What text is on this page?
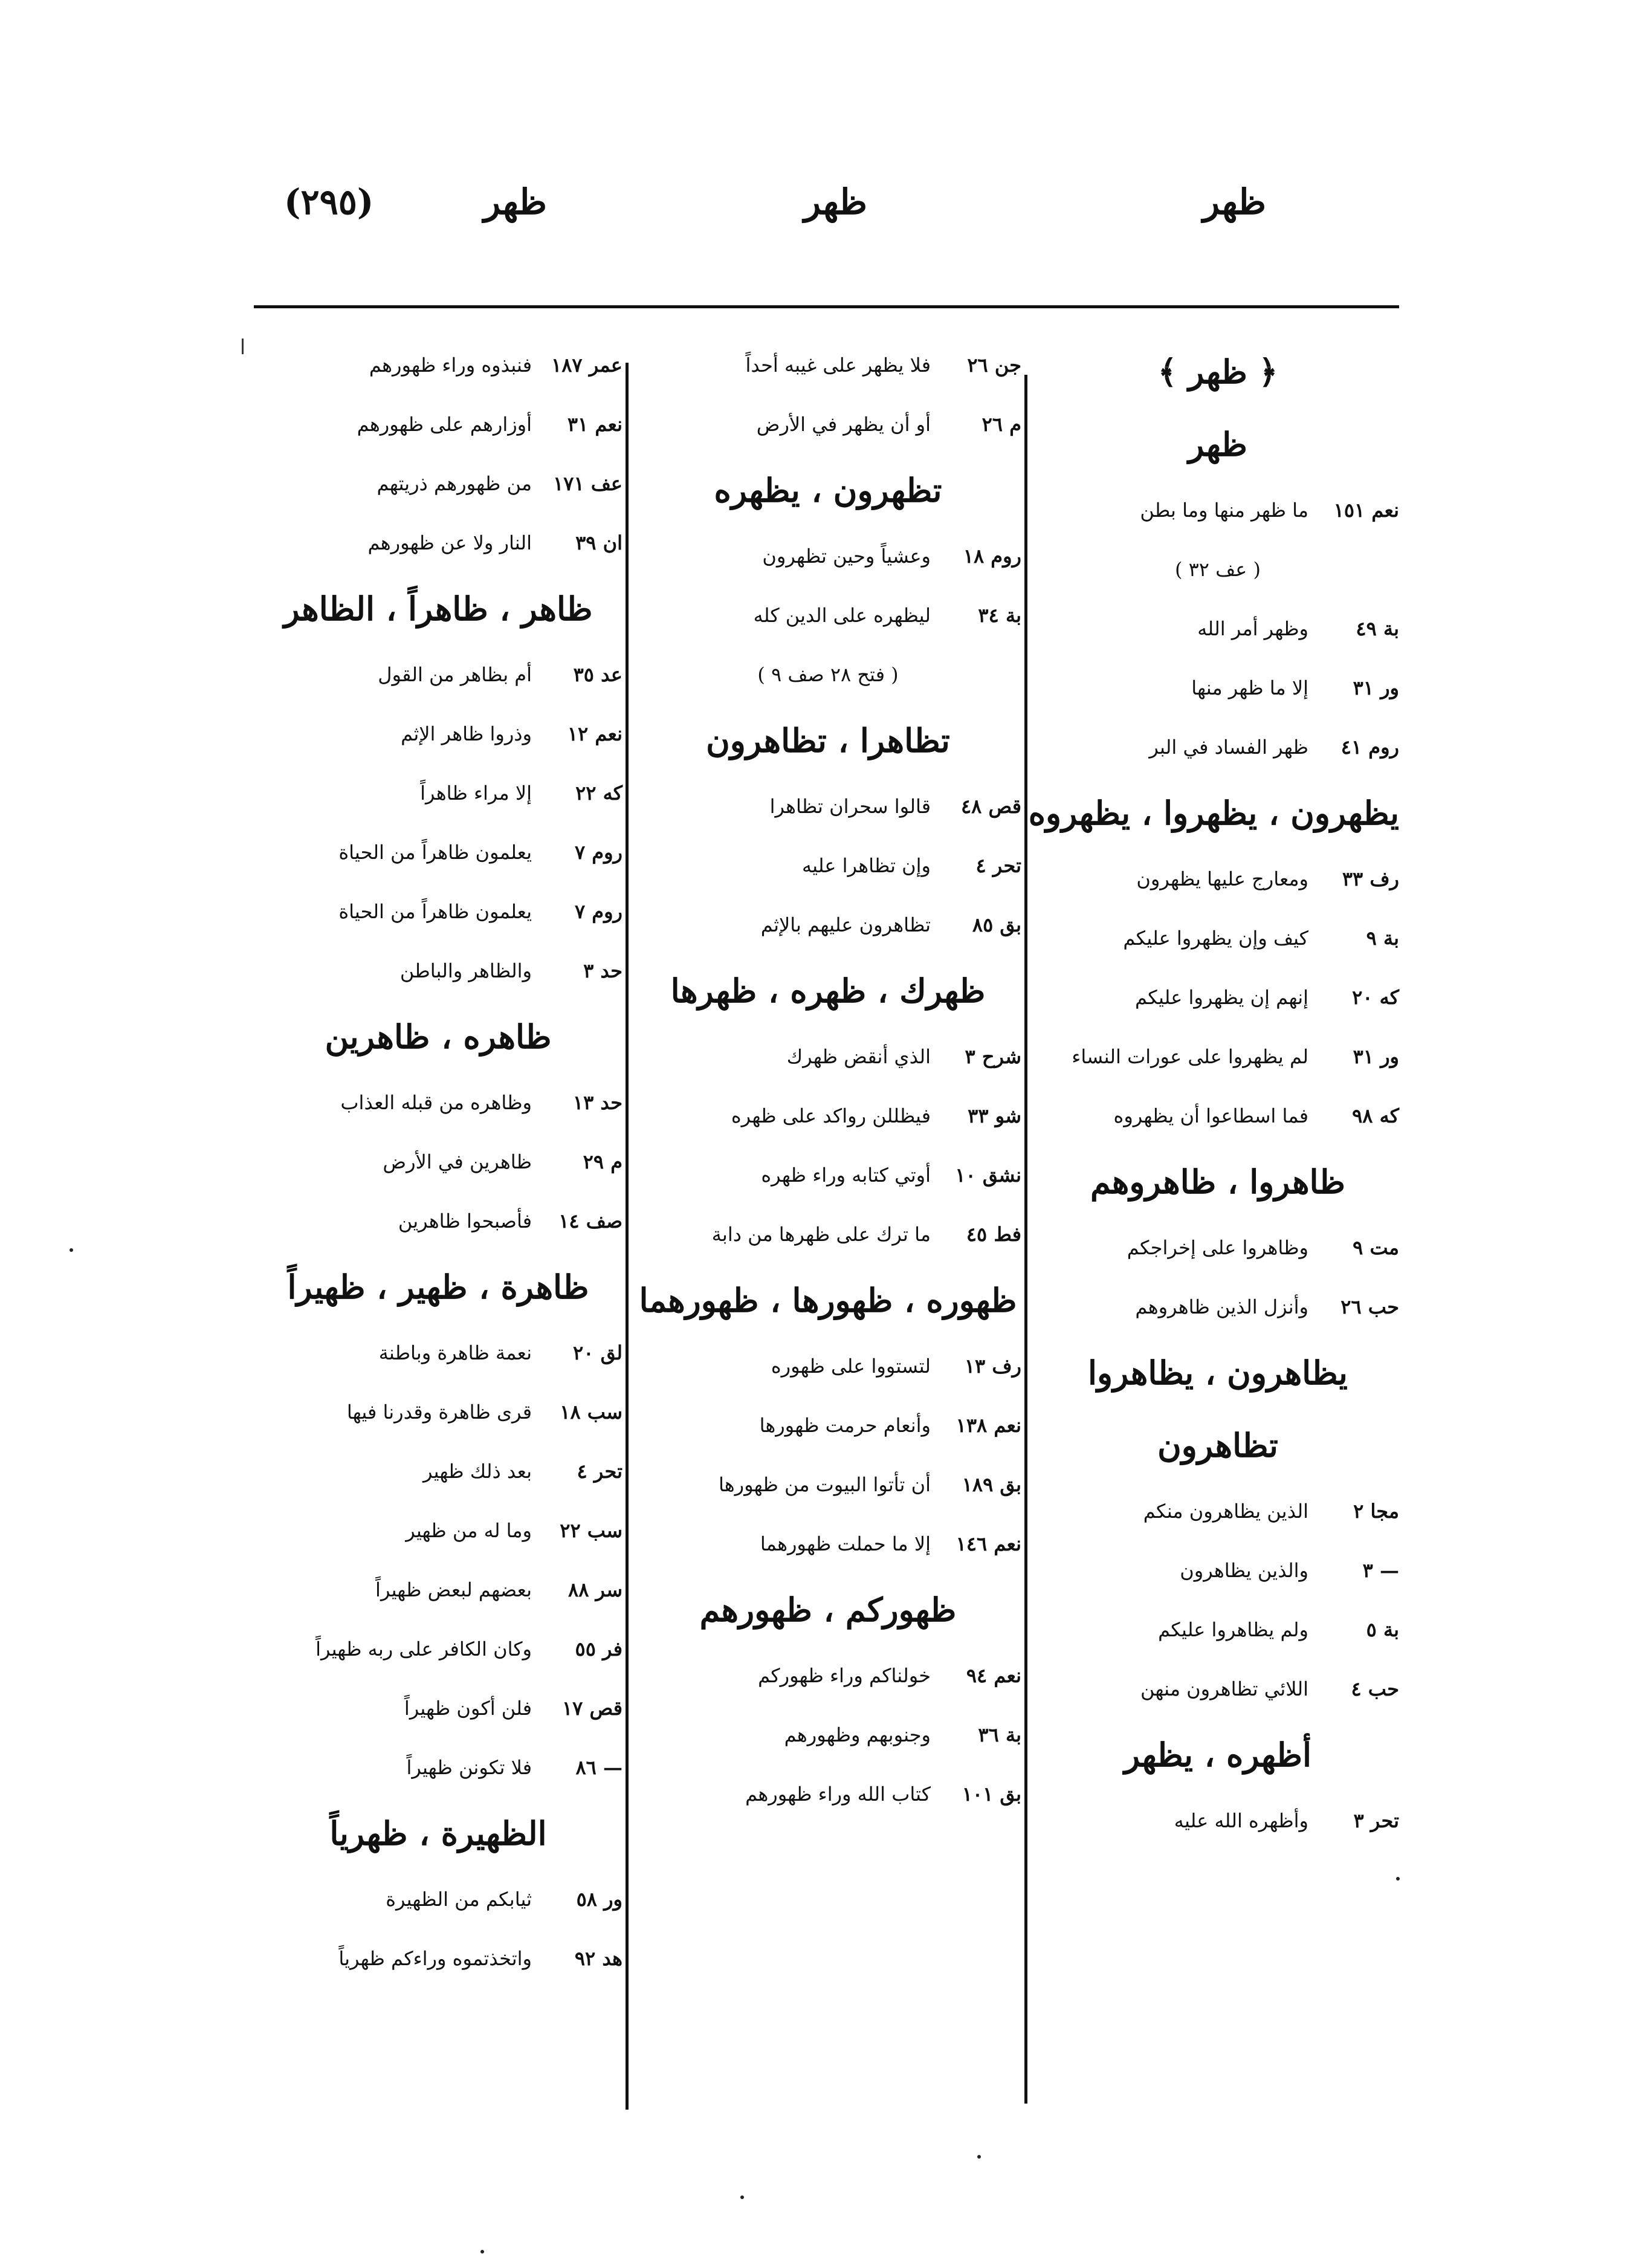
(٢٩٥)	ظهر	ظهر	ظهر
﴿ ظهر ﴾
ظهر
نعم ١٥١ما ظهر منها وما بطن
( عف ٣٢ )
بة ٤٩وظهر أمر الله
ور ٣١إلا ما ظهر منها
روم ٤١ظهر الفساد في البر
يظهرون ، يظهروا ، يظهروه
رف ٣٣ومعارج عليها يظهرون
بة ٩كيف وإن يظهروا عليكم
كه ٢٠إنهم إن يظهروا عليكم
ور ٣١لم يظهروا على عورات النساء
كه ٩٨فما اسطاعوا أن يظهروه
ظاهروا ، ظاهروهم
مت ٩وظاهروا على إخراجكم
حب ٢٦وأنزل الذين ظاهروهم
يظاهرون ، يظاهروا
تظاهرون
مجا ٢الذين يظاهرون منكم
— ٣والذين يظاهرون
بة ٥ولم يظاهروا عليكم
حب ٤اللائي تظاهرون منهن
أظهره ، يظهر
تحر ٣وأظهره الله عليه
جن ٢٦فلا يظهر على غيبه أحداً
م ٢٦أو أن يظهر في الأرض
تظهرون ، يظهره
روم ١٨وعشياً وحين تظهرون
بة ٣٤ليظهره على الدين كله
( فتح ٢٨ صف ٩ )
تظاهرا ، تظاهرون
قص ٤٨قالوا سحران تظاهرا
تحر ٤وإن تظاهرا عليه
بق ٨٥تظاهرون عليهم بالإثم
ظهرك ، ظهره ، ظهرها
شرح ٣الذي أنقض ظهرك
شو ٣٣فيظللن رواكد على ظهره
نشق ١٠أوتي كتابه وراء ظهره
فط ٤٥ما ترك على ظهرها من دابة
ظهوره ، ظهورها ، ظهورهما
رف ١٣لتستووا على ظهوره
نعم ١٣٨وأنعام حرمت ظهورها
بق ١٨٩أن تأتوا البيوت من ظهورها
نعم ١٤٦إلا ما حملت ظهورهما
ظهوركم ، ظهورهم
نعم ٩٤خولناكم وراء ظهوركم
بة ٣٦وجنوبهم وظهورهم
بق ١٠١كتاب الله وراء ظهورهم
عمر ١٨٧فنبذوه وراء ظهورهم
نعم ٣١أوزارهم على ظهورهم
عف ١٧١من ظهورهم ذريتهم
ان ٣٩النار ولا عن ظهورهم
ظاهر ، ظاهراً ، الظاهر
عد ٣٥أم بظاهر من القول
نعم ١٢وذروا ظاهر الإثم
كه ٢٢إلا مراء ظاهراً
روم ٧يعلمون ظاهراً من الحياة
روم ٧يعلمون ظاهراً من الحياة
حد ٣والظاهر والباطن
ظاهره ، ظاهرين
حد ١٣وظاهره من قبله العذاب
م ٢٩ظاهرين في الأرض
صف ١٤فأصبحوا ظاهرين
ظاهرة ، ظهير ، ظهيراً
لق ٢٠نعمة ظاهرة وباطنة
سب ١٨قرى ظاهرة وقدرنا فيها
تحر ٤بعد ذلك ظهير
سب ٢٢وما له من ظهير
سر ٨٨بعضهم لبعض ظهيراً
فر ٥٥وكان الكافر على ربه ظهيراً
قص ١٧فلن أكون ظهيراً
— ٨٦فلا تكونن ظهيراً
الظهيرة ، ظهرياً
ور ٥٨ثيابكم من الظهيرة
هد ٩٢واتخذتموه وراءكم ظهرياً
